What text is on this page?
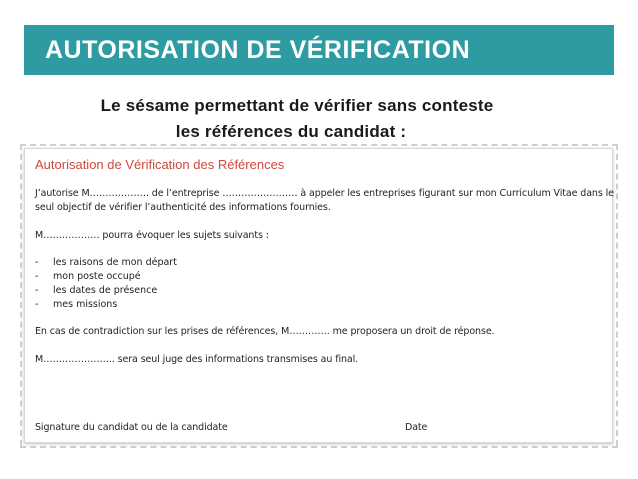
AUTORISATION DE VÉRIFICATION
Le sésame permettant de vérifier sans conteste
les références du candidat :
Autorisation de Vérification des Références
J’autorise M………………. de l’entreprise …………………… à appeler les entreprises figurant sur mon Curriculum Vitae dans le
seul objectif de vérifier l’authenticité des informations fournies.
M……………… pourra évoquer les sujets suivants :
- les raisons de mon départ
- mon poste occupé
- les dates de présence
- mes missions
En cas de contradiction sur les prises de références, M…………. me proposera un droit de réponse.
M………………….. sera seul juge des informations transmises au final.
Signature du candidat ou de la candidate	Date
